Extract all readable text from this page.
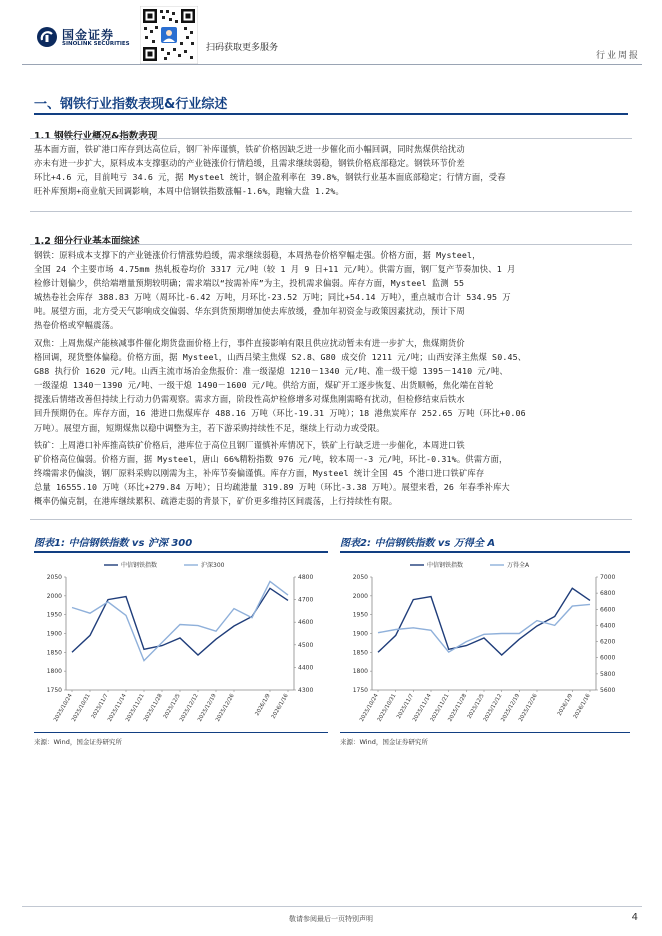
国金证券
SINOLINK SECURITIES	扫码获取更多服务
行业周报
一、钢铁行业指数表现&行业综述
1.1 钢铁行业概况&指数表现
基本面方面，铁矿港口库存到达高位后，钢厂补库谨慎，铁矿价格因缺乏进一步催化而小幅回调，同时焦煤供给扰动
亦未有进一步扩大，原料成本支撑驱动的产业链涨价行情趋缓，且需求继续弱稳，钢铁价格底部稳定。钢铁环节价差
环比+4.6 元，目前吨亏 34.6 元，据 Mysteel 统计，钢企盈利率在 39.8%，钢铁行业基本面底部稳定；行情方面，受春
旺补库预期+商业航天回调影响，本周中信钢铁指数涨幅-1.6%，跑输大盘 1.2%。
1.2 细分行业基本面综述
钢铁：原料成本支撑下的产业链涨价行情涨势趋缓，需求继续弱稳，本周热卷价格窄幅走强。价格方面，据 Mysteel，
全国 24 个主要市场 4.75mm 热轧板卷均价 3317 元/吨（较 1 月 9 日+11 元/吨）。供需方面，钢厂复产节奏加快、1 月
检修计划偏少，供给端增量预期较明确；需求端以“按需补库”为主，投机需求偏弱。库存方面，Mysteel 监测 55
城热卷社会库存 388.83 万吨（周环比-6.42 万吨，月环比-23.52 万吨；同比+54.14 万吨），重点城市合计 534.95 万
吨。展望方面，北方受天气影响成交偏弱、华东到货预期增加使去库放缓，叠加年初资金与政策因素扰动，预计下周
热卷价格或窄幅震荡。
双焦：上周焦煤产能核减事件催化期货盘面价格上行，事件直接影响有限且供应扰动暂未有进一步扩大，焦煤期货价
格回调，现货整体偏稳。价格方面，据 Mysteel，山西吕梁主焦煤 S2.8、G80 成交价 1211 元/吨；山西安泽主焦煤 S0.45、
G88 执行价 1620 元/吨。山西主流市场冶金焦报价：准一级湿熄 1210－1340 元/吨、准一级干熄 1395－1410 元/吨、
一级湿熄 1340－1390 元/吨、一级干熄 1490－1600 元/吨。供给方面，煤矿开工逐步恢复、出货顺畅，焦化端在首轮
提涨后情绪改善但持续上行动力仍需观察。需求方面，阶段性高炉检修增多对煤焦刚需略有扰动，但检修结束后铁水
回升预期仍在。库存方面，16 港进口焦煤库存 488.16 万吨（环比-19.31 万吨）；18 港焦炭库存 252.65 万吨（环比+0.06
万吨）。展望方面，短期煤焦以稳中调整为主，若下游采购持续性不足，继续上行动力或受限。
铁矿：上周港口补库推高铁矿价格后，港库位于高位且钢厂谨慎补库情况下，铁矿上行缺乏进一步催化，本周进口铁
矿价格高位偏弱。价格方面，据 Mysteel，唐山 66%精粉指数 976 元/吨，较本周一-3 元/吨，环比-0.31%。供需方面，
终端需求仍偏淡，钢厂原料采购以刚需为主，补库节奏偏谨慎。库存方面，Mysteel 统计全国 45 个港口进口铁矿库存
总量 16555.10 万吨（环比+279.84 万吨）；日均疏港量 319.89 万吨（环比-3.38 万吨）。展望来看，26 年春季补库大
概率仍偏克制，在港库继续累积、疏港走弱的背景下，矿价更多维持区间震荡，上行持续性有限。
图表1: 中信钢铁指数 vs 沪深 300
1750
1800
1850
1900
1950
2000
2050
4300
4400
4500
4600
4700
4800
2025/10/24
2025/10/31
2025/11/7
2025/11/14
2025/11/21
2025/11/28
2025/12/5
2025/12/12
2025/12/19
2025/12/26	2026/1/9
2026/1/16
中信钢铁指数	沪深300
来源：Wind，国金证券研究所
图表2: 中信钢铁指数 vs 万得全 A
1750
1800
1850
1900
1950
2000
2050
5600
5800
6000
6200
6400
6600
6800
7000
2025/10/24
2025/10/31
2025/11/7
2025/11/14
2025/11/21
2025/11/28
2025/12/5
2025/12/12
2025/12/19
2025/12/26	2026/1/9
2026/1/16
中信钢铁指数	万得全A
来源：Wind，国金证券研究所
敬请参阅最后一页特别声明	4
